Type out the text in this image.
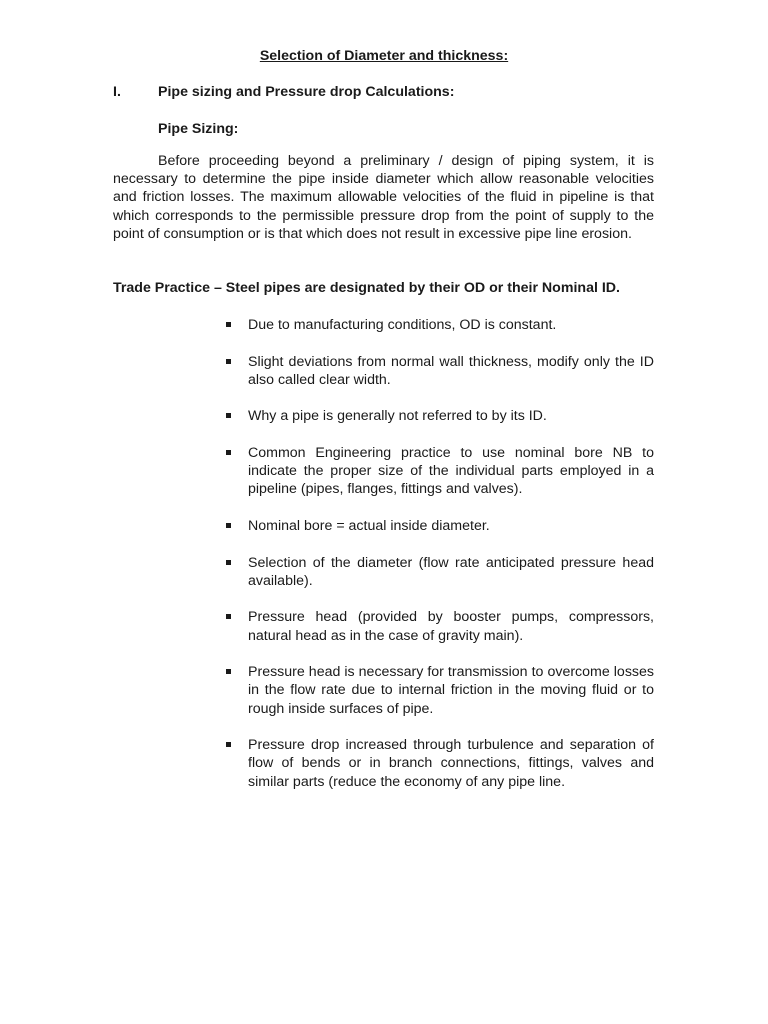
Selection of Diameter and thickness:
I.	Pipe sizing and Pressure drop Calculations:
Pipe Sizing:

Before proceeding beyond a preliminary / design of piping system, it is necessary to determine the pipe inside diameter which allow reasonable velocities and friction losses. The maximum allowable velocities of the fluid in pipeline is that which corresponds to the permissible pressure drop from the point of supply to the point of consumption or is that which does not result in excessive pipe line erosion.

Trade Practice – Steel pipes are designated by their OD or their Nominal ID.
Due to manufacturing conditions, OD is constant.
Slight deviations from normal wall thickness, modify only the ID also called clear width.
Why a pipe is generally not referred to by its ID.
Common Engineering practice to use nominal bore NB to indicate the proper size of the individual parts employed in a pipeline (pipes, flanges, fittings and valves).
Nominal bore = actual inside diameter.
Selection of the diameter (flow rate anticipated pressure head available).
Pressure head (provided by booster pumps, compressors, natural head as in the case of gravity main).
Pressure head is necessary for transmission to overcome losses in the flow rate due to internal friction in the moving fluid or to rough inside surfaces of pipe.
Pressure drop increased through turbulence and separation of flow of bends or in branch connections, fittings, valves and similar parts (reduce the economy of any pipe line.
